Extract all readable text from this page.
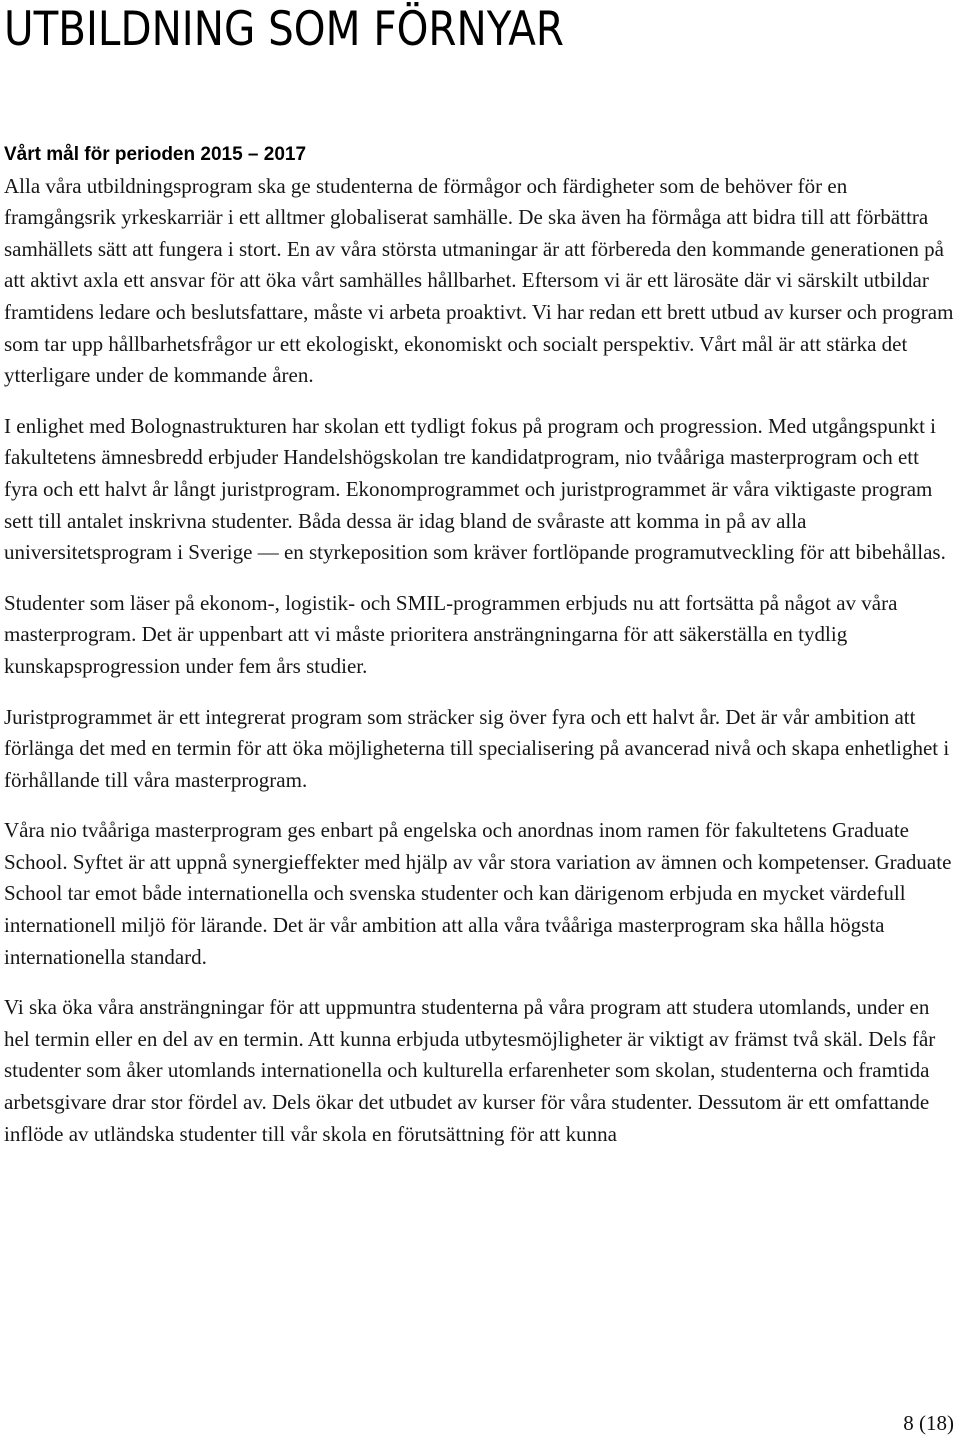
UTBILDNING SOM FÖRNYAR

Vårt mål för perioden 2015 – 2017

Alla våra utbildningsprogram ska ge studenterna de förmågor och färdigheter som de behöver för en framgångsrik yrkeskarriär i ett alltmer globaliserat samhälle. De ska även ha förmåga att bidra till att förbättra samhällets sätt att fungera i stort. En av våra största utmaningar är att förbereda den kommande generationen på att aktivt axla ett ansvar för att öka vårt samhälles hållbarhet. Eftersom vi är ett lärosäte där vi särskilt utbildar framtidens ledare och beslutsfattare, måste vi arbeta proaktivt. Vi har redan ett brett utbud av kurser och program som tar upp hållbarhetsfrågor ur ett ekologiskt, ekonomiskt och socialt perspektiv. Vårt mål är att stärka det ytterligare under de kommande åren.

I enlighet med Bolognastrukturen har skolan ett tydligt fokus på program och progression. Med utgångspunkt i fakultetens ämnesbredd erbjuder Handelshögskolan tre kandidatprogram, nio tvååriga masterprogram och ett fyra och ett halvt år långt juristprogram. Ekonomprogrammet och juristprogrammet är våra viktigaste program sett till antalet inskrivna studenter. Båda dessa är idag bland de svåraste att komma in på av alla universitetsprogram i Sverige — en styrkeposition som kräver fortlöpande programutveckling för att bibehållas.

Studenter som läser på ekonom-, logistik- och SMIL-programmen erbjuds nu att fortsätta på något av våra masterprogram. Det är uppenbart att vi måste prioritera ansträngningarna för att säkerställa en tydlig kunskapsprogression under fem års studier.

Juristprogrammet är ett integrerat program som sträcker sig över fyra och ett halvt år. Det är vår ambition att förlänga det med en termin för att öka möjligheterna till specialisering på avancerad nivå och skapa enhetlighet i förhållande till våra masterprogram.

Våra nio tvååriga masterprogram ges enbart på engelska och anordnas inom ramen för fakultetens Graduate School. Syftet är att uppnå synergieffekter med hjälp av vår stora variation av ämnen och kompetenser. Graduate School tar emot både internationella och svenska studenter och kan därigenom erbjuda en mycket värdefull internationell miljö för lärande. Det är vår ambition att alla våra tvååriga masterprogram ska hålla högsta internationella standard.

Vi ska öka våra ansträngningar för att uppmuntra studenterna på våra program att studera utomlands, under en hel termin eller en del av en termin. Att kunna erbjuda utbytesmöjligheter är viktigt av främst två skäl. Dels får studenter som åker utomlands internationella och kulturella erfarenheter som skolan, studenterna och framtida arbetsgivare drar stor fördel av. Dels ökar det utbudet av kurser för våra studenter. Dessutom är ett omfattande inflöde av utländska studenter till vår skola en förutsättning för att kunna

8 (18)
